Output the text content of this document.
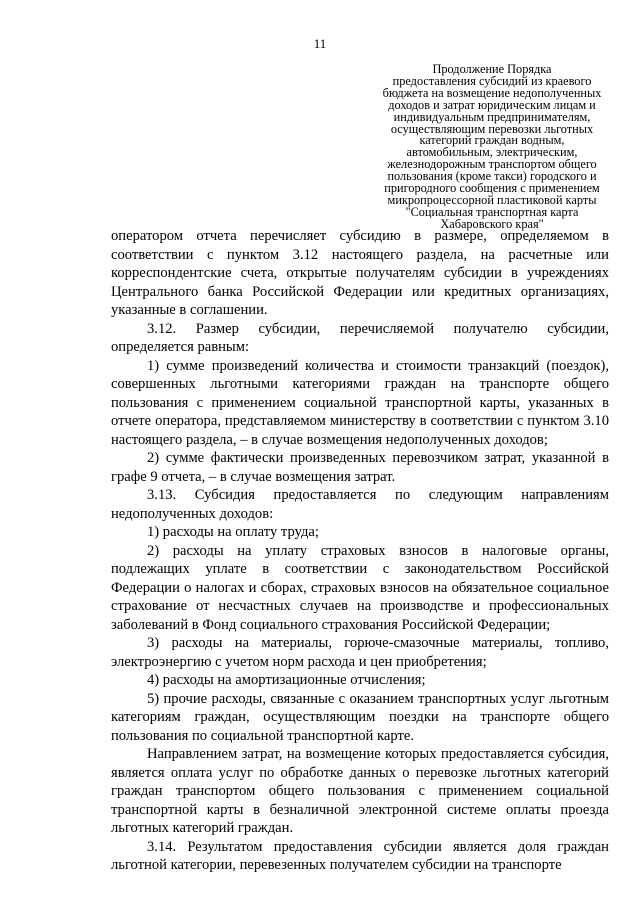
11
Продолжение Порядка
предоставления субсидий из краевого
бюджета на возмещение недополученных
доходов и затрат юридическим лицам и
индивидуальным предпринимателям,
осуществляющим перевозки льготных
категорий граждан водным,
автомобильным, электрическим,
железнодорожным транспортом общего
пользования (кроме такси) городского и
пригородного сообщения с применением
микропроцессорной пластиковой карты
"Социальная транспортная карта
Хабаровского края"

оператором отчета перечисляет субсидию в размере, определяемом в соответствии с пунктом 3.12 настоящего раздела, на расчетные или корреспондентские счета, открытые получателям субсидии в учреждениях Центрального банка Российской Федерации или кредитных организациях, указанные в соглашении.

3.12. Размер субсидии, перечисляемой получателю субсидии, определяется равным:

1) сумме произведений количества и стоимости транзакций (поездок), совершенных льготными категориями граждан на транспорте общего пользования с применением социальной транспортной карты, указанных в отчете оператора, представляемом министерству в соответствии с пунктом 3.10 настоящего раздела, – в случае возмещения недополученных доходов;

2) сумме фактически произведенных перевозчиком затрат, указанной в графе 9 отчета, – в случае возмещения затрат.

3.13. Субсидия предоставляется по следующим направлениям недополученных доходов:

1) расходы на оплату труда;

2) расходы на уплату страховых взносов в налоговые органы, подлежащих уплате в соответствии с законодательством Российской Федерации о налогах и сборах, страховых взносов на обязательное социальное страхование от несчастных случаев на производстве и профессиональных заболеваний в Фонд социального страхования Российской Федерации;

3) расходы на материалы, горюче-смазочные материалы, топливо, электроэнергию с учетом норм расхода и цен приобретения;

4) расходы на амортизационные отчисления;

5) прочие расходы, связанные с оказанием транспортных услуг льготным категориям граждан, осуществляющим поездки на транспорте общего пользования по социальной транспортной карте.

Направлением затрат, на возмещение которых предоставляется субсидия, является оплата услуг по обработке данных о перевозке льготных категорий граждан транспортом общего пользования с применением социальной транспортной карты в безналичной электронной системе оплаты проезда льготных категорий граждан.

3.14. Результатом предоставления субсидии является доля граждан льготной категории, перевезенных получателем субсидии на транспорте
